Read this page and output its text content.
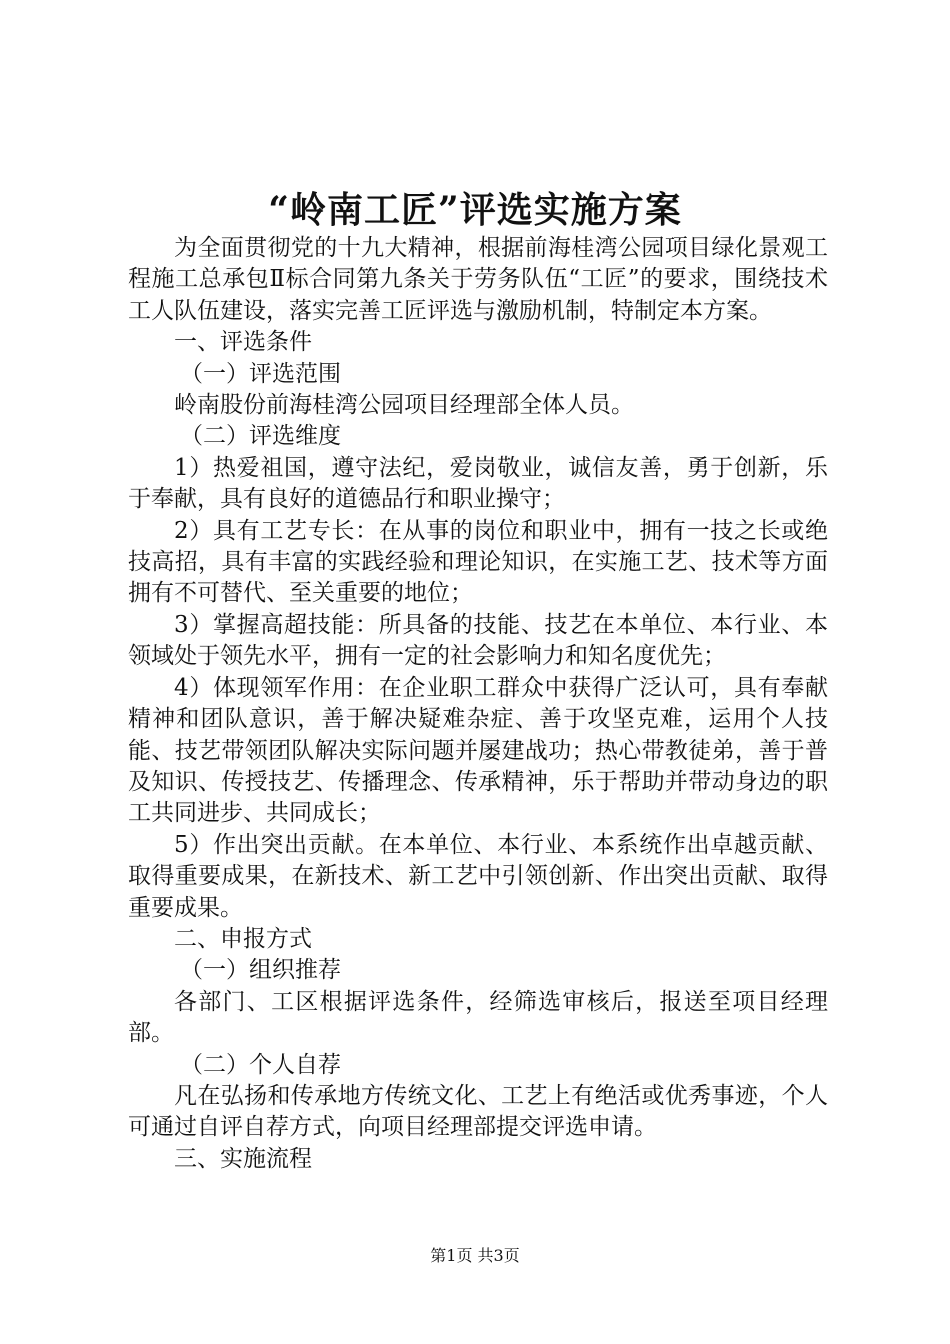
“岭南工匠”评选实施方案

为全面贯彻党的十九大精神，根据前海桂湾公园项目绿化景观工程施工总承包Ⅱ标合同第九条关于劳务队伍“工匠”的要求，围绕技术工人队伍建设，落实完善工匠评选与激励机制，特制定本方案。

一、评选条件

（一）评选范围

岭南股份前海桂湾公园项目经理部全体人员。

（二）评选维度

1）热爱祖国，遵守法纪，爱岗敬业，诚信友善，勇于创新，乐于奉献，具有良好的道德品行和职业操守；

2）具有工艺专长：在从事的岗位和职业中，拥有一技之长或绝技高招，具有丰富的实践经验和理论知识，在实施工艺、技术等方面拥有不可替代、至关重要的地位；

3）掌握高超技能：所具备的技能、技艺在本单位、本行业、本领域处于领先水平，拥有一定的社会影响力和知名度优先；

4）体现领军作用：在企业职工群众中获得广泛认可，具有奉献精神和团队意识，善于解决疑难杂症、善于攻坚克难，运用个人技能、技艺带领团队解决实际问题并屡建战功；热心带教徒弟，善于普及知识、传授技艺、传播理念、传承精神，乐于帮助并带动身边的职工共同进步、共同成长；

5）作出突出贡献。在本单位、本行业、本系统作出卓越贡献、取得重要成果，在新技术、新工艺中引领创新、作出突出贡献、取得重要成果。

二、申报方式

（一）组织推荐

各部门、工区根据评选条件，经筛选审核后，报送至项目经理部。

（二）个人自荐

凡在弘扬和传承地方传统文化、工艺上有绝活或优秀事迹，个人可通过自评自荐方式，向项目经理部提交评选申请。

三、实施流程

第1页 共3页
